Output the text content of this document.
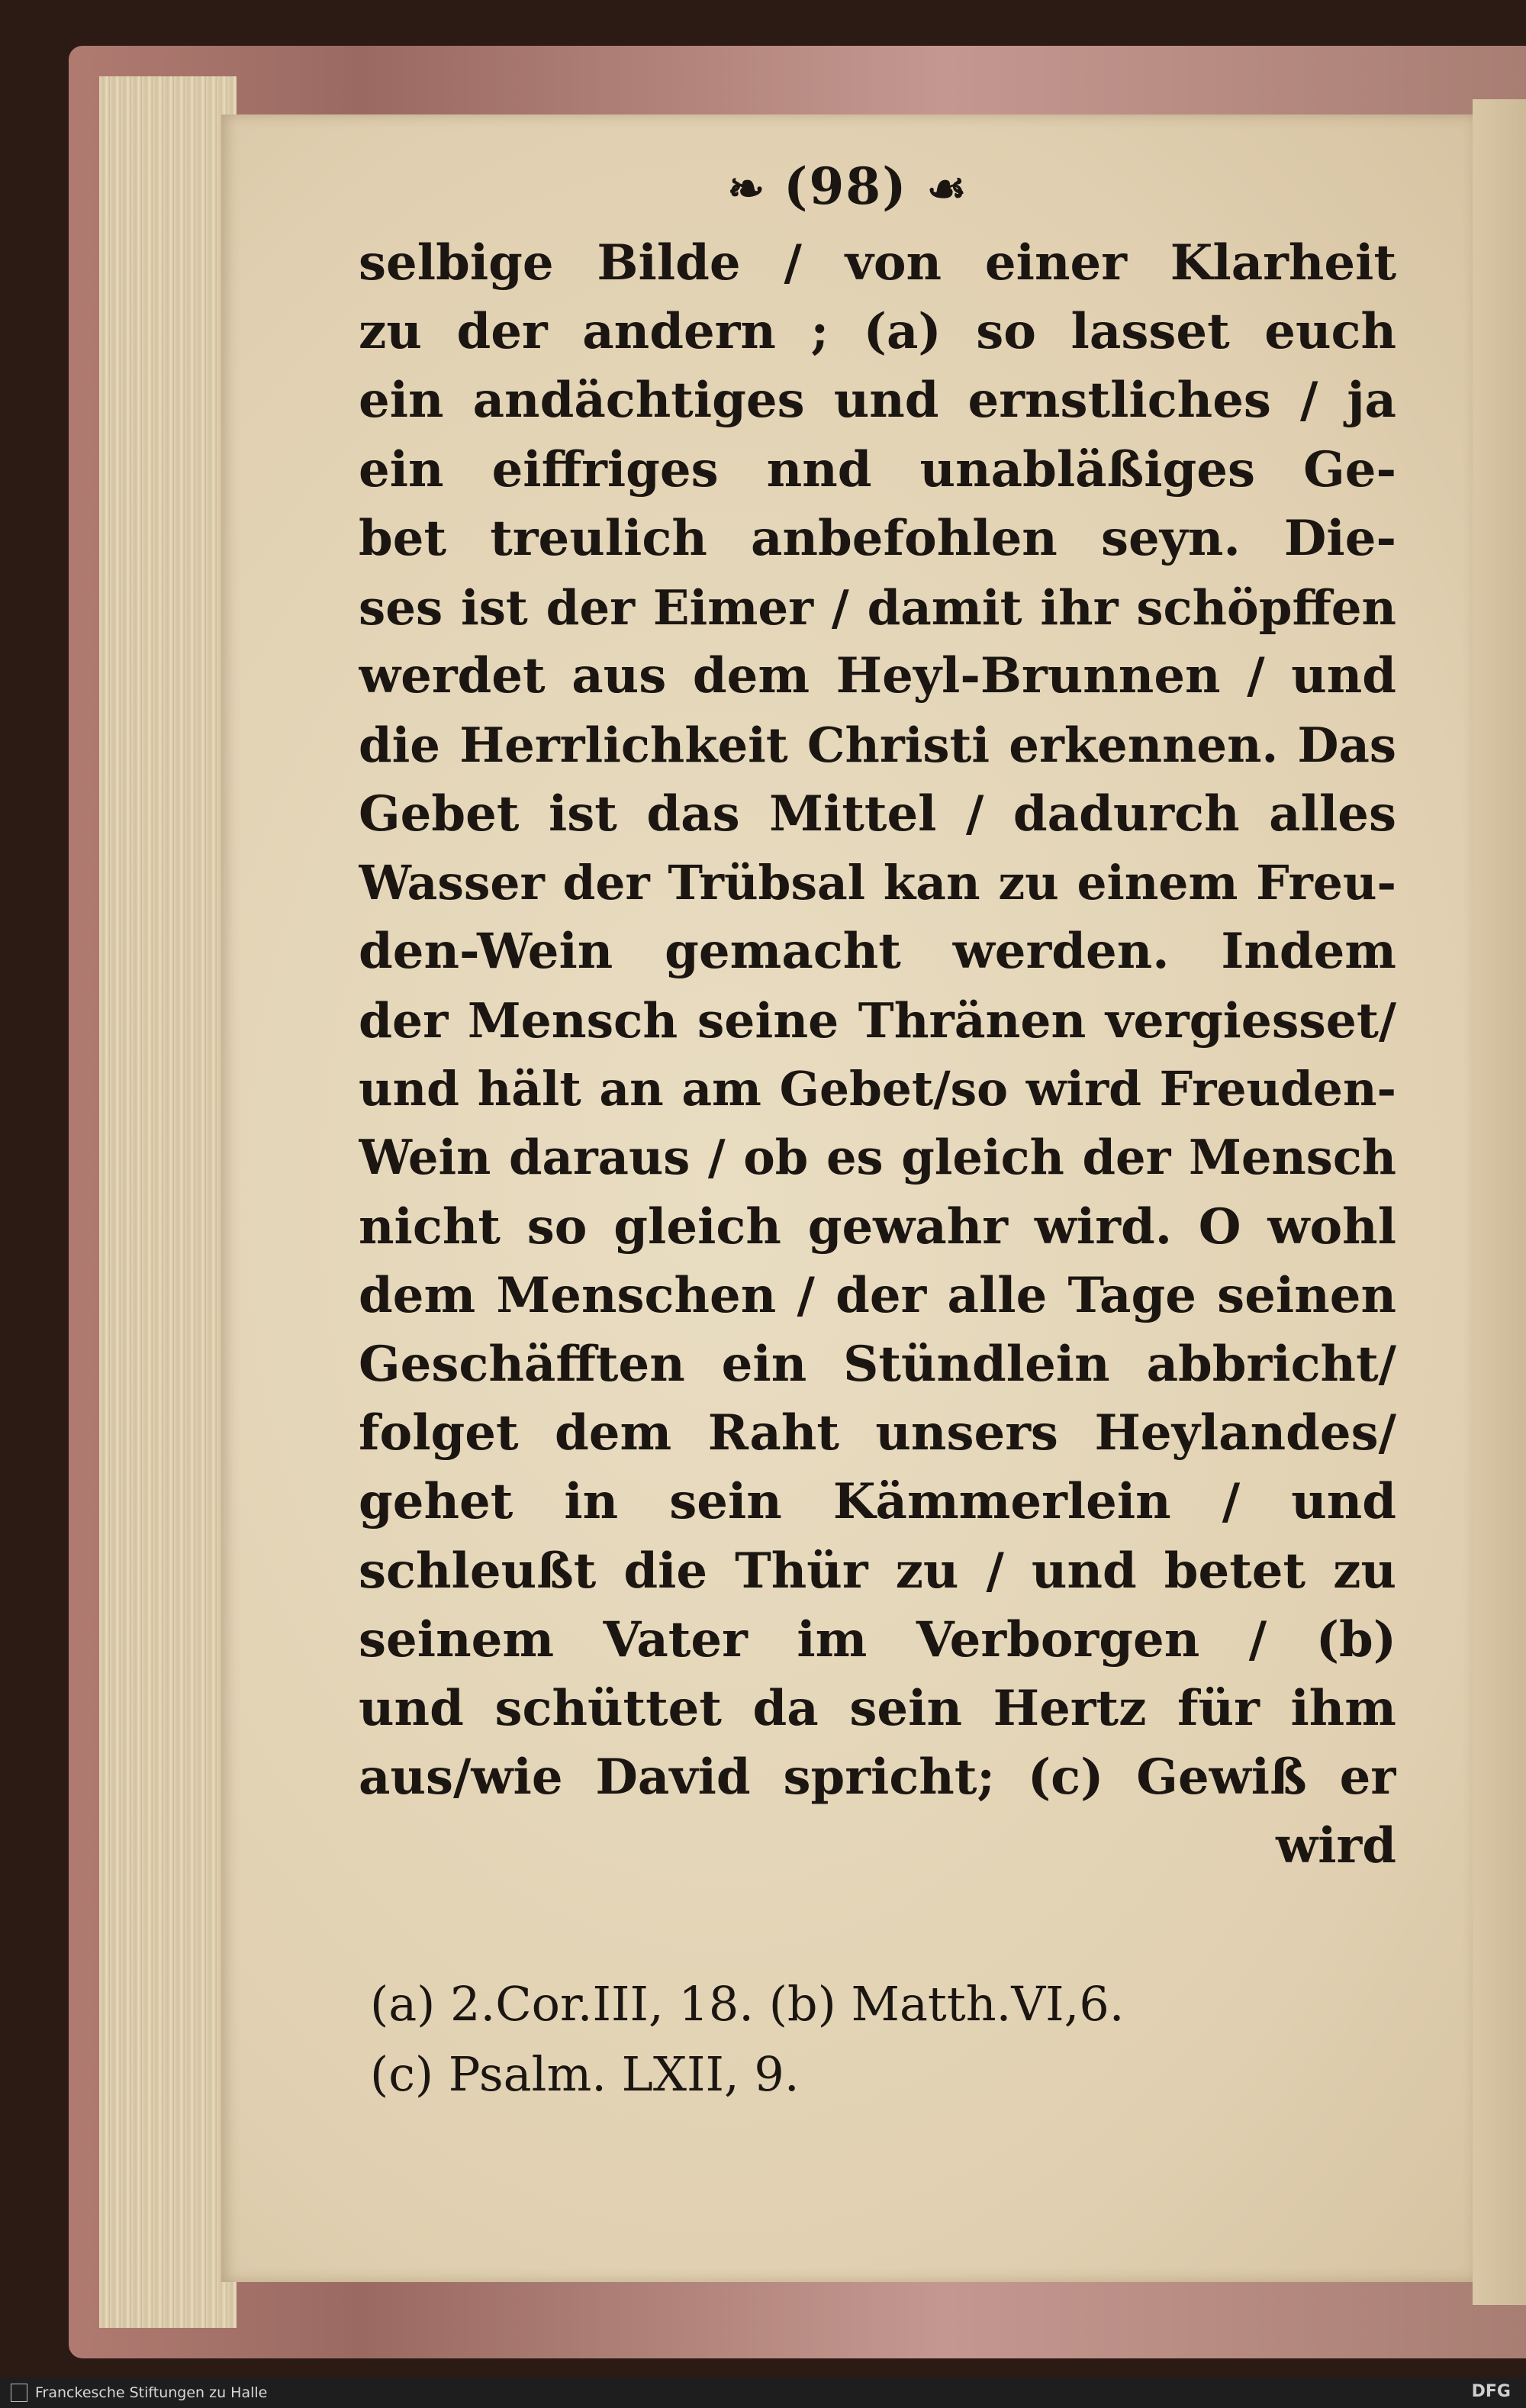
❧ (98) ☙
selbige Bilde / von einer Klarheit
zu der andern ; (a) so lasset euch
ein andächtiges und ernstliches / ja
ein eiffriges nnd unabläßiges Ge-
bet treulich anbefohlen seyn. Die-
ses ist der Eimer / damit ihr schöpffen
werdet aus dem Heyl-Brunnen / und
die Herrlichkeit Christi erkennen. Das
Gebet ist das Mittel / dadurch alles
Wasser der Trübsal kan zu einem Freu-
den-Wein gemacht werden. Indem
der Mensch seine Thränen vergiesset/
und hält an am Gebet/so wird Freuden-
Wein daraus / ob es gleich der Mensch
nicht so gleich gewahr wird. O wohl
dem Menschen / der alle Tage seinen
Geschäfften ein Stündlein abbricht/
folget dem Raht unsers Heylandes/
gehet in sein Kämmerlein / und
schleußt die Thür zu / und betet zu
seinem Vater im Verborgen / (b)
und schüttet da sein Hertz für ihm
aus/wie David spricht; (c) Gewiß er
wird
(a) 2.Cor.III, 18. (b) Matth.VI,6.
(c) Psalm. LXII, 9.
Franckesche Stiftungen zu Halle	DFG
